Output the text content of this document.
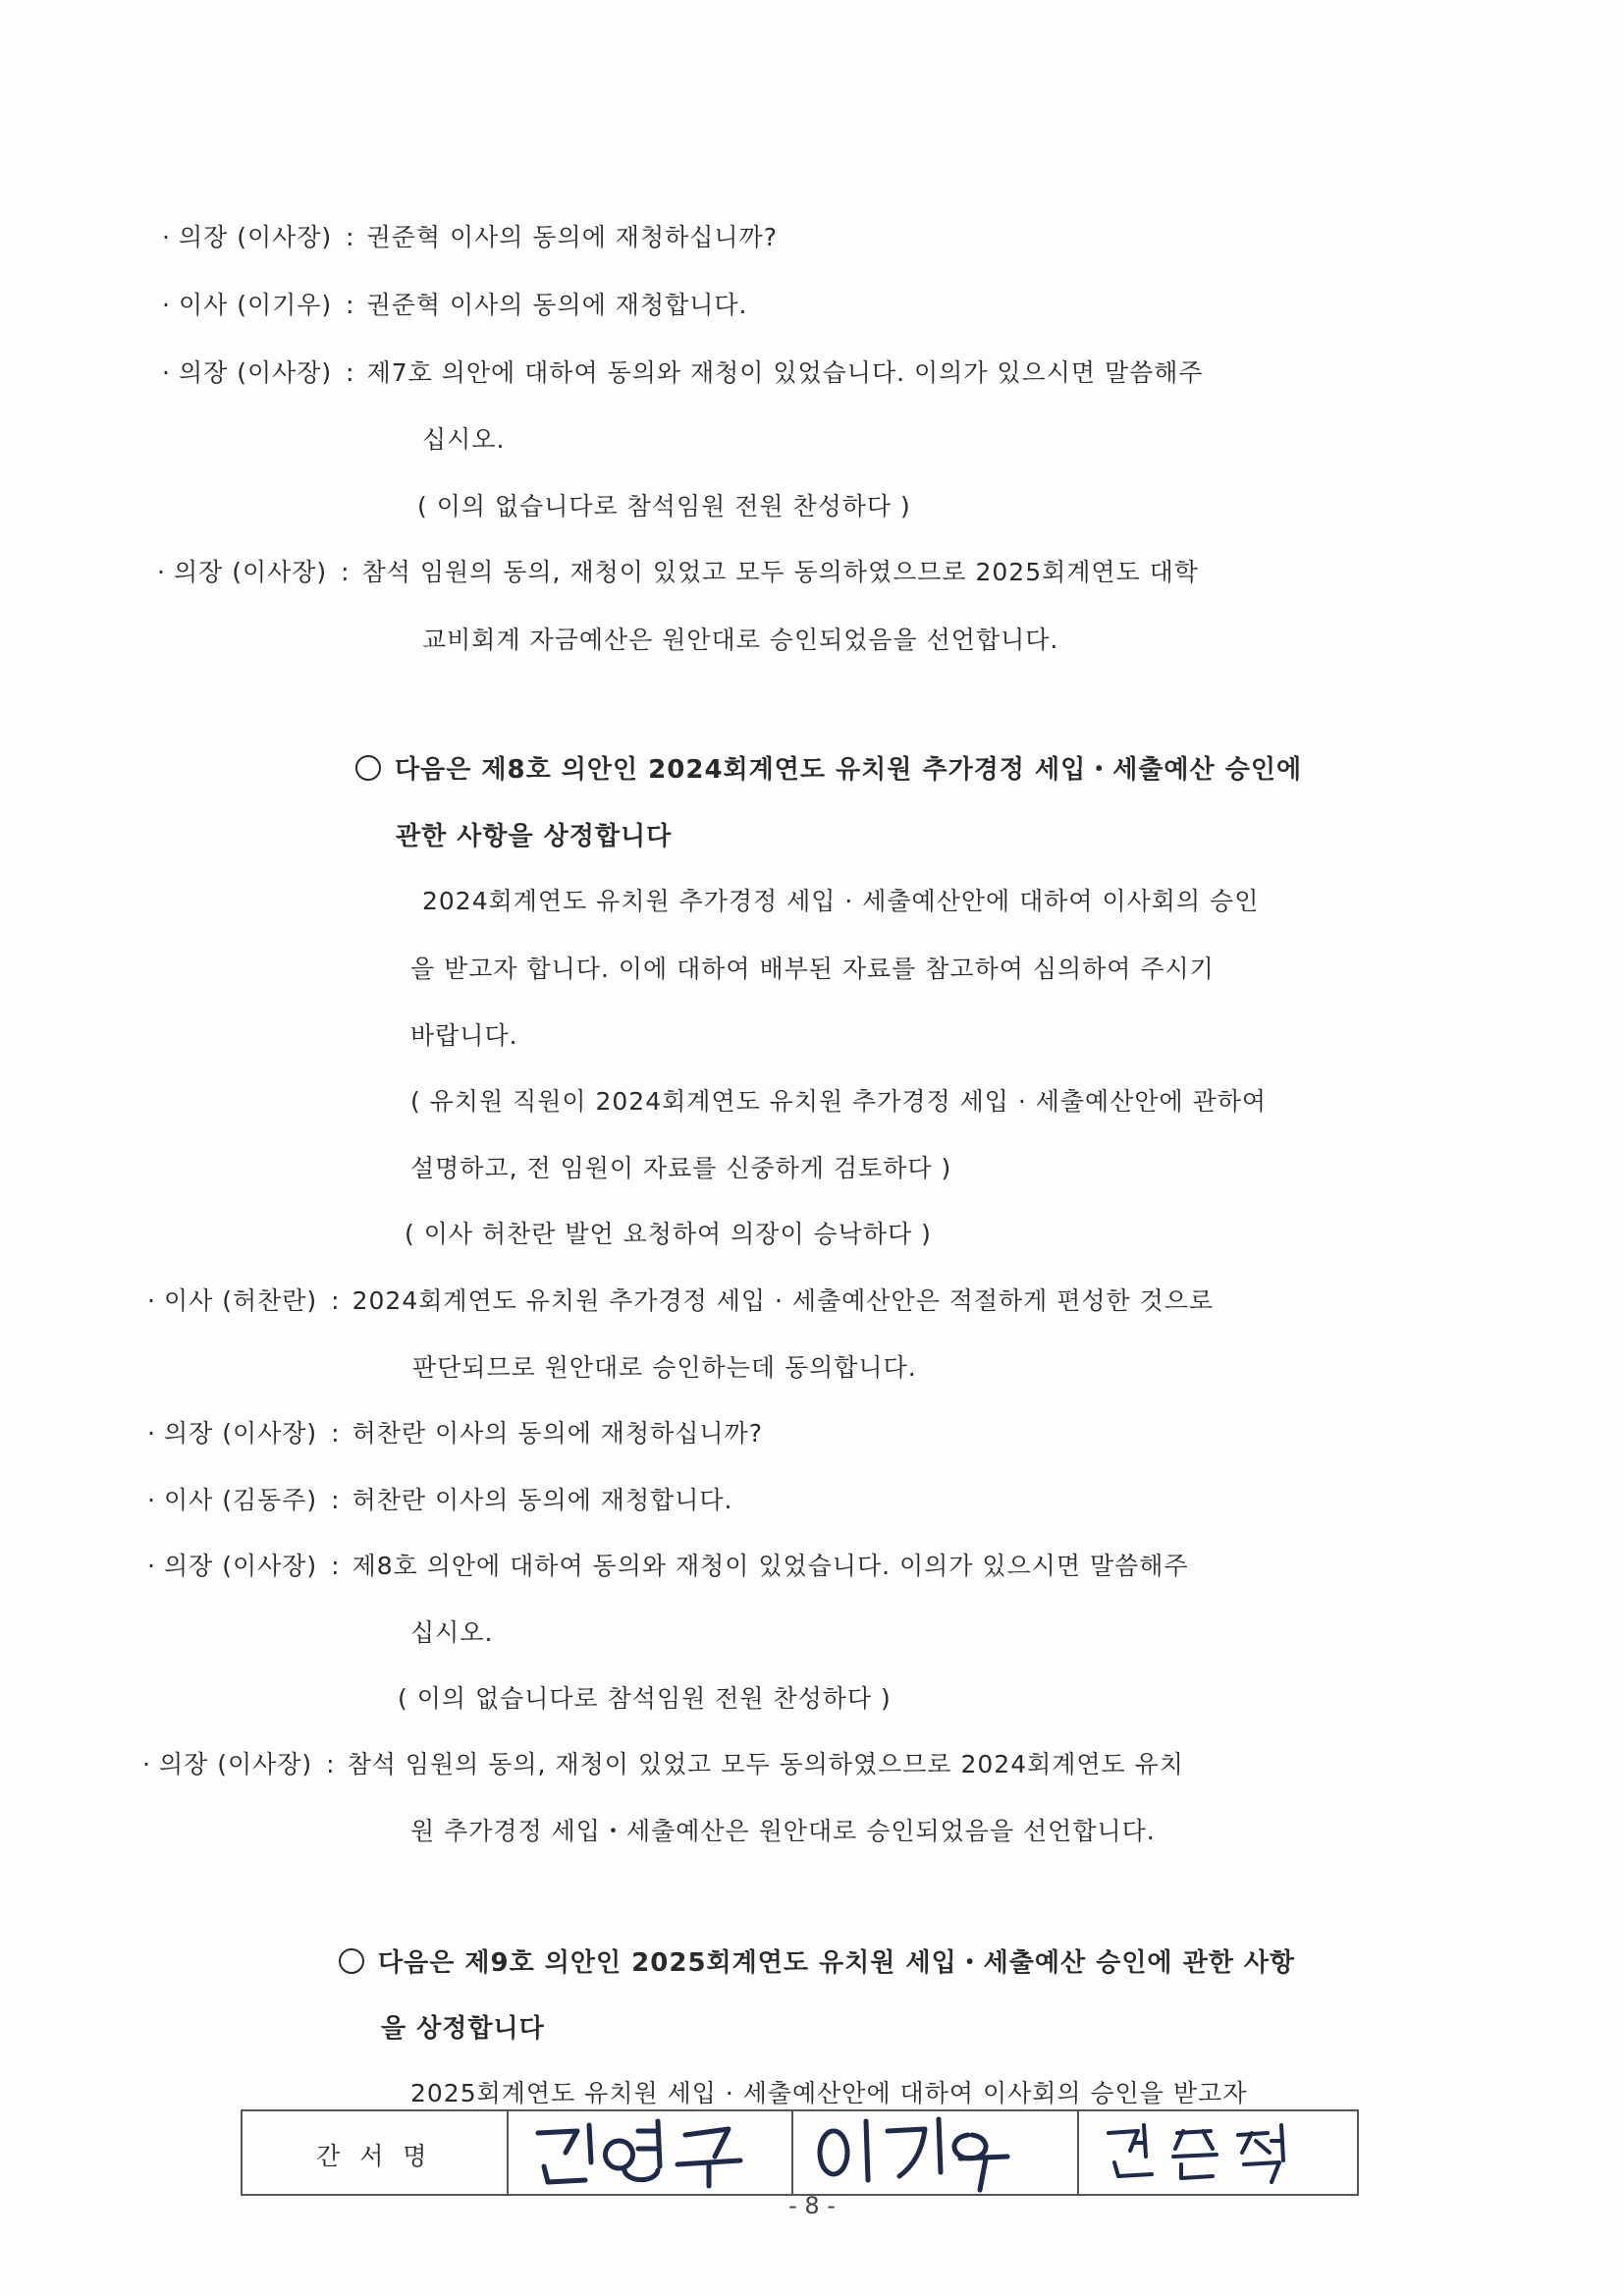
· 의장 (이사장) : 권준혁 이사의 동의에 재청하십니까?
· 이사 (이기우) : 권준혁 이사의 동의에 재청합니다.
· 의장 (이사장) : 제7호 의안에 대하여 동의와 재청이 있었습니다. 이의가 있으시면 말씀해주
십시오.
( 이의 없습니다로 참석임원 전원 찬성하다 )
· 의장 (이사장) : 참석 임원의 동의, 재청이 있었고 모두 동의하였으므로 2025회계연도 대학
교비회계 자금예산은 원안대로 승인되었음을 선언합니다.
다음은 제8호 의안인 2024회계연도 유치원 추가경정 세입・세출예산 승인에
관한 사항을 상정합니다
2024회계연도 유치원 추가경정 세입 · 세출예산안에 대하여 이사회의 승인
을 받고자 합니다. 이에 대하여 배부된 자료를 참고하여 심의하여 주시기
바랍니다.
( 유치원 직원이 2024회계연도 유치원 추가경정 세입 · 세출예산안에 관하여
설명하고, 전 임원이 자료를 신중하게 검토하다 )
( 이사 허찬란 발언 요청하여 의장이 승낙하다 )
· 이사 (허찬란) : 2024회계연도 유치원 추가경정 세입 · 세출예산안은 적절하게 편성한 것으로
판단되므로 원안대로 승인하는데 동의합니다.
· 의장 (이사장) : 허찬란 이사의 동의에 재청하십니까?
· 이사 (김동주) : 허찬란 이사의 동의에 재청합니다.
· 의장 (이사장) : 제8호 의안에 대하여 동의와 재청이 있었습니다. 이의가 있으시면 말씀해주
십시오.
( 이의 없습니다로 참석임원 전원 찬성하다 )
· 의장 (이사장) : 참석 임원의 동의, 재청이 있었고 모두 동의하였으므로 2024회계연도 유치
원 추가경정 세입・세출예산은 원안대로 승인되었음을 선언합니다.
다음은 제9호 의안인 2025회계연도 유치원 세입・세출예산 승인에 관한 사항
을 상정합니다
2025회계연도 유치원 세입 · 세출예산안에 대하여 이사회의 승인을 받고자
간 서 명
- 8 -
